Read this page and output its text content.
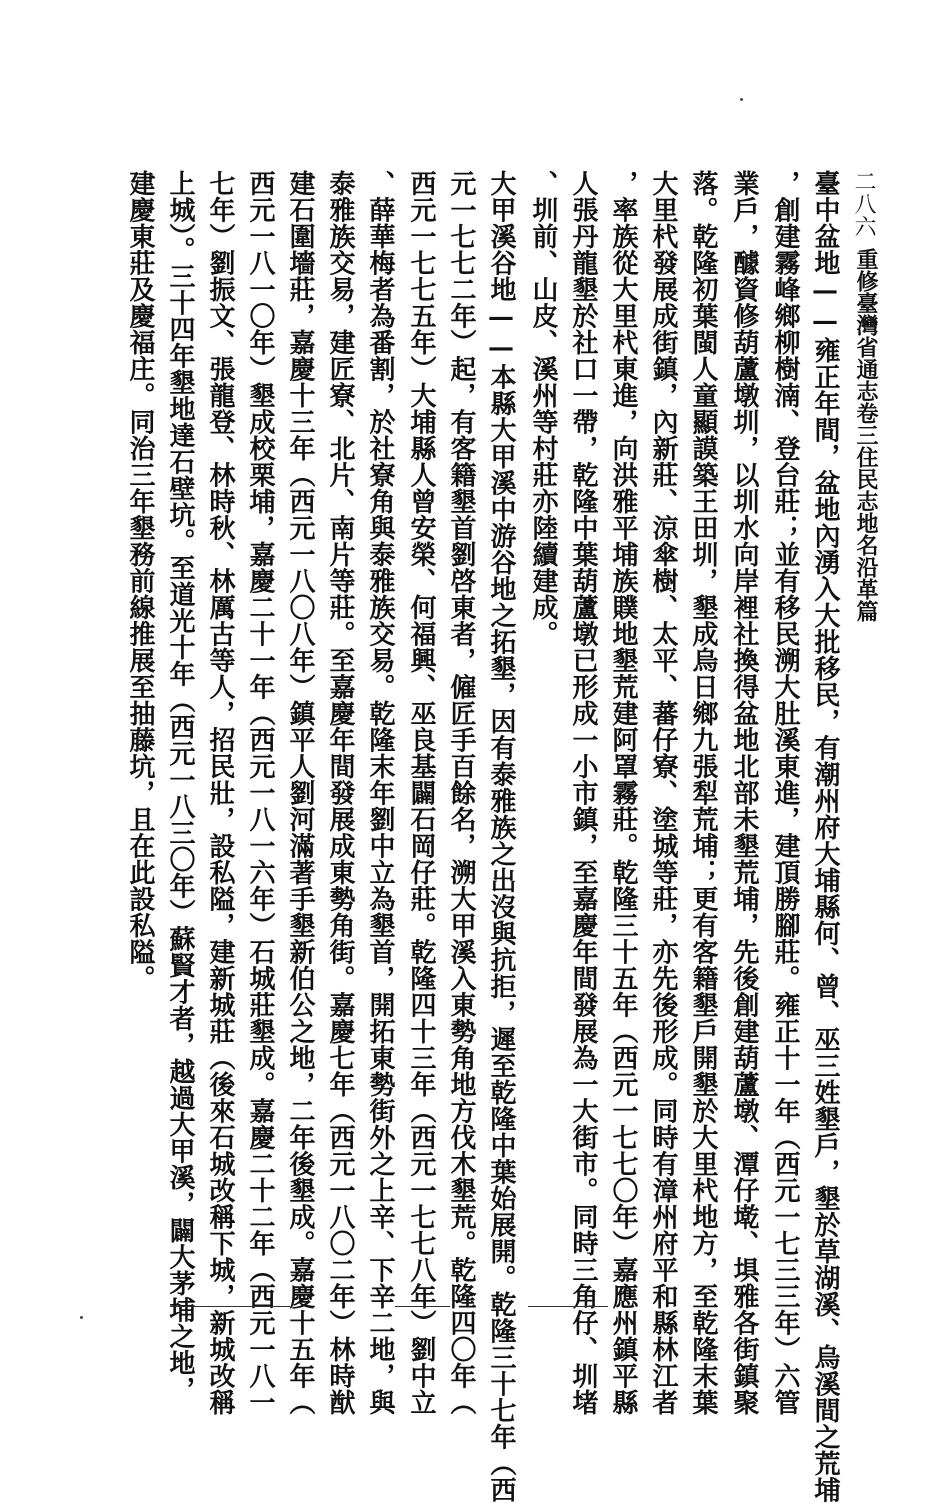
二八六
重修臺灣省通志卷三住民志地名沿革篇
臺中盆地——雍正年間，盆地內湧入大批移民，有潮州府大埔縣何、曾、巫三姓墾戶，墾於草湖溪、烏溪間之荒埔
，創建霧峰鄉柳樹湳、登台莊；並有移民溯大肚溪東進，建頂勝腳莊。雍正十一年（西元一七三三年）六管
業戶，醵資修葫蘆墩圳，以圳水向岸裡社換得盆地北部未墾荒埔，先後創建葫蘆墩、潭仔墘、埧雅各街鎮聚
落。乾隆初葉閩人童顯謨築王田圳，墾成烏日鄉九張犁荒埔；更有客籍墾戶開墾於大里杙地方，至乾隆末葉
大里杙發展成街鎮，內新莊、涼傘樹、太平、蕃仔寮、塗城等莊，亦先後形成。同時有漳州府平和縣林江者
，率族從大里杙東進，向洪雅平埔族贌地墾荒建阿罩霧莊。乾隆三十五年（西元一七七〇年）嘉應州鎮平縣
人張丹龍墾於社口一帶，乾隆中葉葫蘆墩已形成一小市鎮，至嘉慶年間發展為一大街市。同時三角仔、圳堵
、圳前、山皮、溪州等村莊亦陸續建成。
大甲溪谷地——本縣大甲溪中游谷地之拓墾，因有泰雅族之出沒與抗拒，遲至乾隆中葉始展開。乾隆三十七年（西
元一七七二年）起，有客籍墾首劉啓東者，僱匠手百餘名，溯大甲溪入東勢角地方伐木墾荒。乾隆四〇年（
西元一七七五年）大埔縣人曾安榮、何福興、巫良基闢石岡仔莊。乾隆四十三年（西元一七七八年）劉中立
、薛華梅者為番割，於社寮角與泰雅族交易。乾隆末年劉中立為墾首，開拓東勢街外之上辛、下辛二地，與
泰雅族交易，建匠寮、北片、南片等莊。至嘉慶年間發展成東勢角街。嘉慶七年（西元一八〇二年）林時猷
建石圍墻莊，嘉慶十三年（西元一八〇八年）鎮平人劉河滿著手墾新伯公之地，二年後墾成。嘉慶十五年（
西元一八一〇年）墾成校栗埔，嘉慶二十一年（西元一八一六年）石城莊墾成。嘉慶二十二年（西元一八一
七年）劉振文、張龍登、林時秋、林厲古等人，招民壯，設私隘，建新城莊（後來石城改稱下城，新城改稱
上城）。三十四年墾地達石壁坑。至道光十年（西元一八三〇年）蘇賢才者，越過大甲溪，闢大茅埔之地，
建慶東莊及慶福庄。同治三年墾務前線推展至抽藤坑，且在此設私隘。
